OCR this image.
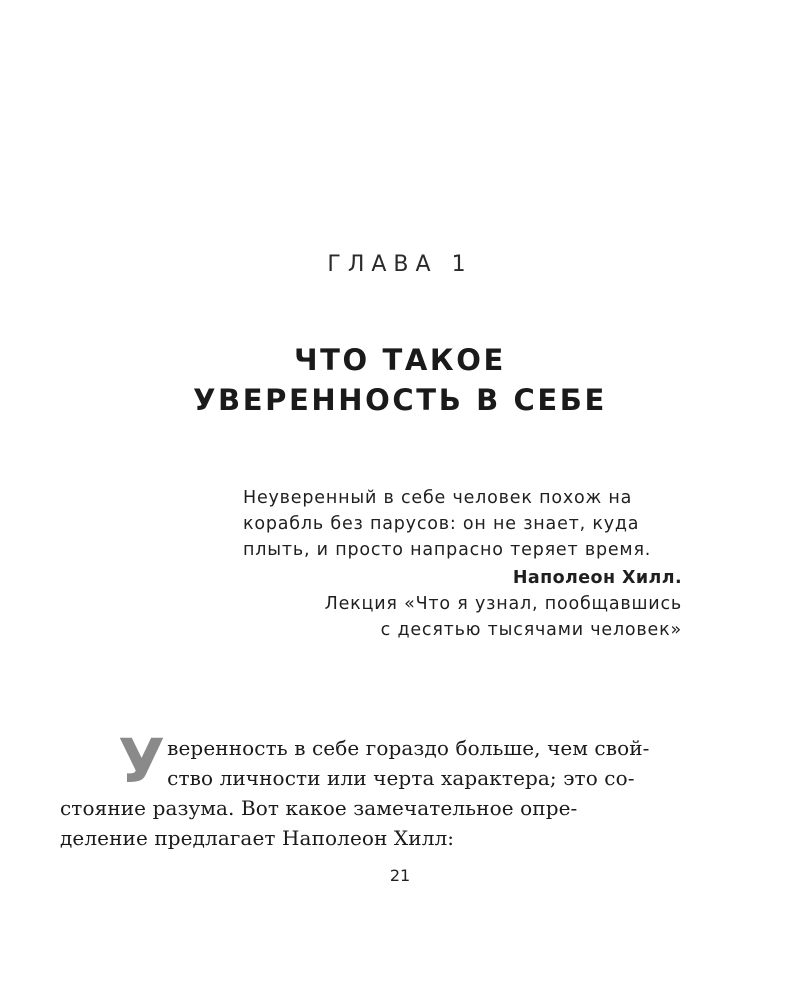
ГЛАВА 1
ЧТО ТАКОЕ
УВЕРЕННОСТЬ В СЕБЕ
Неуверенный в себе человек похож на
корабль без парусов: он не знает, куда
плыть, и просто напрасно теряет время.
Наполеон Хилл.
Лекция «Что я узнал, пообщавшись
с десятью тысячами человек»
У веренность в себе гораздо больше, чем свой-
ство личности или черта характера; это со-
стояние разума. Вот какое замечательное опре-
деление предлагает Наполеон Хилл:
21
